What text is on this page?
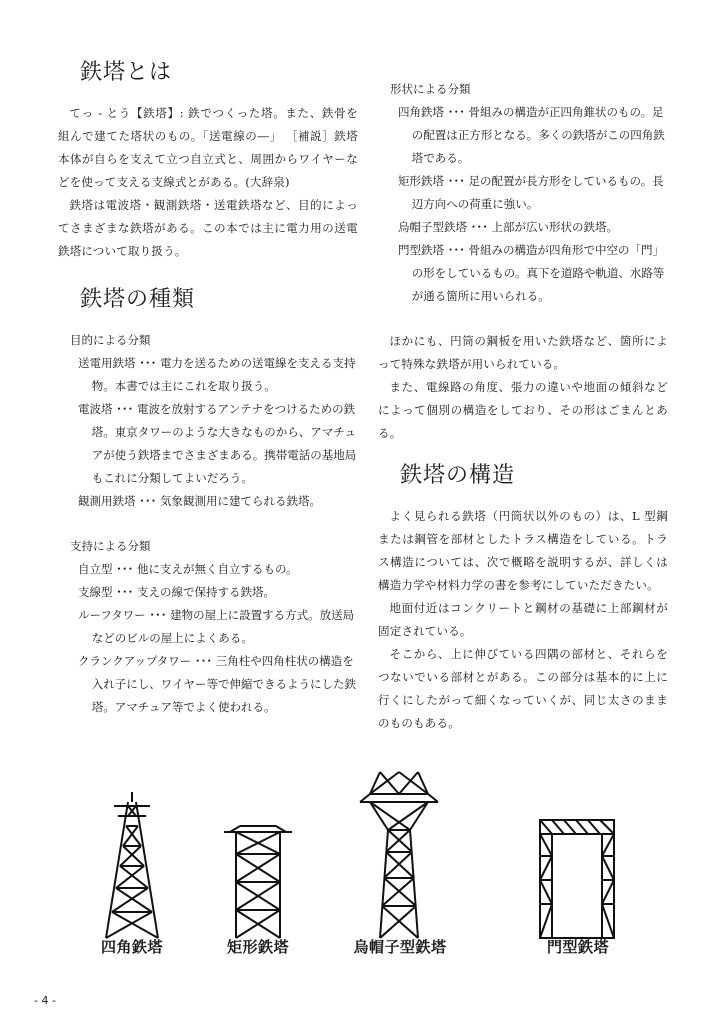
鉄塔とは

てっ - とう【鉄塔】: 鉄でつくった塔。また、鉄骨を組んで建てた塔状のもの。「送電線の―」 ［補説］鉄塔本体が自らを支えて立つ自立式と、周囲からワイヤーなどを使って支える支線式とがある。(大辞泉)

鉄塔は電波塔・観測鉄塔・送電鉄塔など、目的によってさまざまな鉄塔がある。この本では主に電力用の送電鉄塔について取り扱う。

鉄塔の種類
目的による分類
送電用鉄塔 ･･･ 電力を送るための送電線を支える支持物。本書では主にこれを取り扱う。
電波塔 ･･･ 電波を放射するアンテナをつけるための鉄塔。東京タワーのような大きなものから、アマチュアが使う鉄塔までさまざまある。携帯電話の基地局もこれに分類してよいだろう。
観測用鉄塔 ･･･ 気象観測用に建てられる鉄塔。
支持による分類
自立型 ･･･ 他に支えが無く自立するもの。
支線型 ･･･ 支えの線で保持する鉄塔。
ルーフタワー ･･･ 建物の屋上に設置する方式。放送局などのビルの屋上によくある。
クランクアップタワー ･･･ 三角柱や四角柱状の構造を入れ子にし、ワイヤー等で伸縮できるようにした鉄塔。アマチュア等でよく使われる。
形状による分類
四角鉄塔 ･･･ 骨組みの構造が正四角錐状のもの。足の配置は正方形となる。多くの鉄塔がこの四角鉄塔である。
矩形鉄塔 ･･･ 足の配置が長方形をしているもの。長辺方向への荷重に強い。
烏帽子型鉄塔 ･･･ 上部が広い形状の鉄塔。
門型鉄塔 ･･･ 骨組みの構造が四角形で中空の「門」の形をしているもの。真下を道路や軌道、水路等が通る箇所に用いられる。

ほかにも、円筒の鋼板を用いた鉄塔など、箇所によって特殊な鉄塔が用いられている。

また、電線路の角度、張力の違いや地面の傾斜などによって個別の構造をしており、その形はごまんとある。

鉄塔の構造

よく見られる鉄塔（円筒状以外のもの）は、L 型鋼または鋼管を部材としたトラス構造をしている。トラス構造については、次で概略を説明するが、詳しくは構造力学や材料力学の書を参考にしていただきたい。

地面付近はコンクリートと鋼材の基礎に上部鋼材が固定されている。

そこから、上に伸びている四隅の部材と、それらをつないでいる部材とがある。この部分は基本的に上に行くにしたがって細くなっていくが、同じ太さのままのものもある。

四角鉄塔	矩形鉄塔	烏帽子型鉄塔	門型鉄塔
- 4 -
